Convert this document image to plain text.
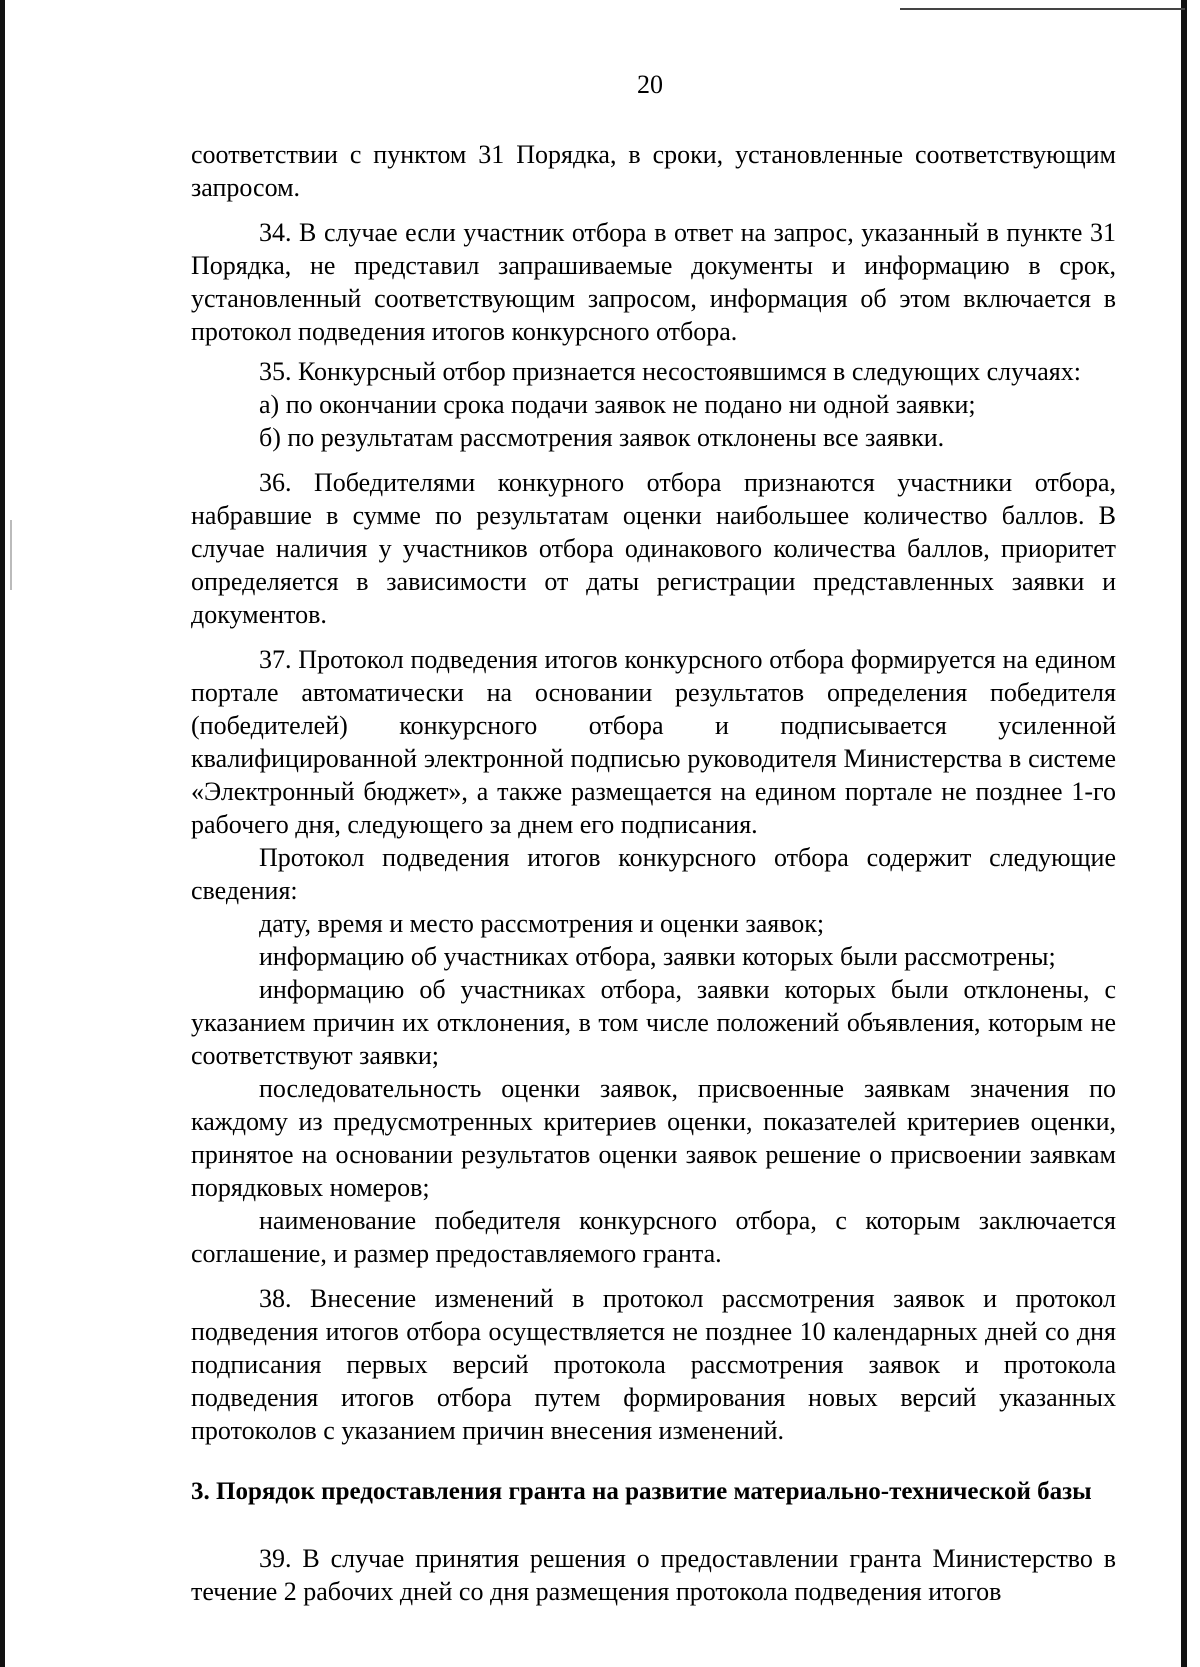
20

соответствии с пунктом 31 Порядка, в сроки, установленные соответствующим запросом.

34. В случае если участник отбора в ответ на запрос, указанный в пункте 31 Порядка, не представил запрашиваемые документы и информацию в срок, установленный соответствующим запросом, информация об этом включается в протокол подведения итогов конкурсного отбора.

35. Конкурсный отбор признается несостоявшимся в следующих случаях:

а) по окончании срока подачи заявок не подано ни одной заявки;

б) по результатам рассмотрения заявок отклонены все заявки.

36. Победителями конкурного отбора признаются участники отбора, набравшие в сумме по результатам оценки наибольшее количество баллов. В случае наличия у участников отбора одинакового количества баллов, приоритет определяется в зависимости от даты регистрации представленных заявки и документов.

37. Протокол подведения итогов конкурсного отбора формируется на едином портале автоматически на основании результатов определения победителя (победителей) конкурсного отбора и подписывается усиленной квалифицированной электронной подписью руководителя Министерства в системе «Электронный бюджет», а также размещается на едином портале не позднее 1-го рабочего дня, следующего за днем его подписания.

Протокол подведения итогов конкурсного отбора содержит следующие сведения:

дату, время и место рассмотрения и оценки заявок;

информацию об участниках отбора, заявки которых были рассмотрены;

информацию об участниках отбора, заявки которых были отклонены, с указанием причин их отклонения, в том числе положений объявления, которым не соответствуют заявки;

последовательность оценки заявок, присвоенные заявкам значения по каждому из предусмотренных критериев оценки, показателей критериев оценки, принятое на основании результатов оценки заявок решение о присвоении заявкам порядковых номеров;

наименование победителя конкурсного отбора, с которым заключается соглашение, и размер предоставляемого гранта.

38. Внесение изменений в протокол рассмотрения заявок и протокол подведения итогов отбора осуществляется не позднее 10 календарных дней со дня подписания первых версий протокола рассмотрения заявок и протокола подведения итогов отбора путем формирования новых версий указанных протоколов с указанием причин внесения изменений.

3. Порядок предоставления гранта на развитие материально-технической базы

39. В случае принятия решения о предоставлении гранта Министерство в течение 2 рабочих дней со дня размещения протокола подведения итогов
